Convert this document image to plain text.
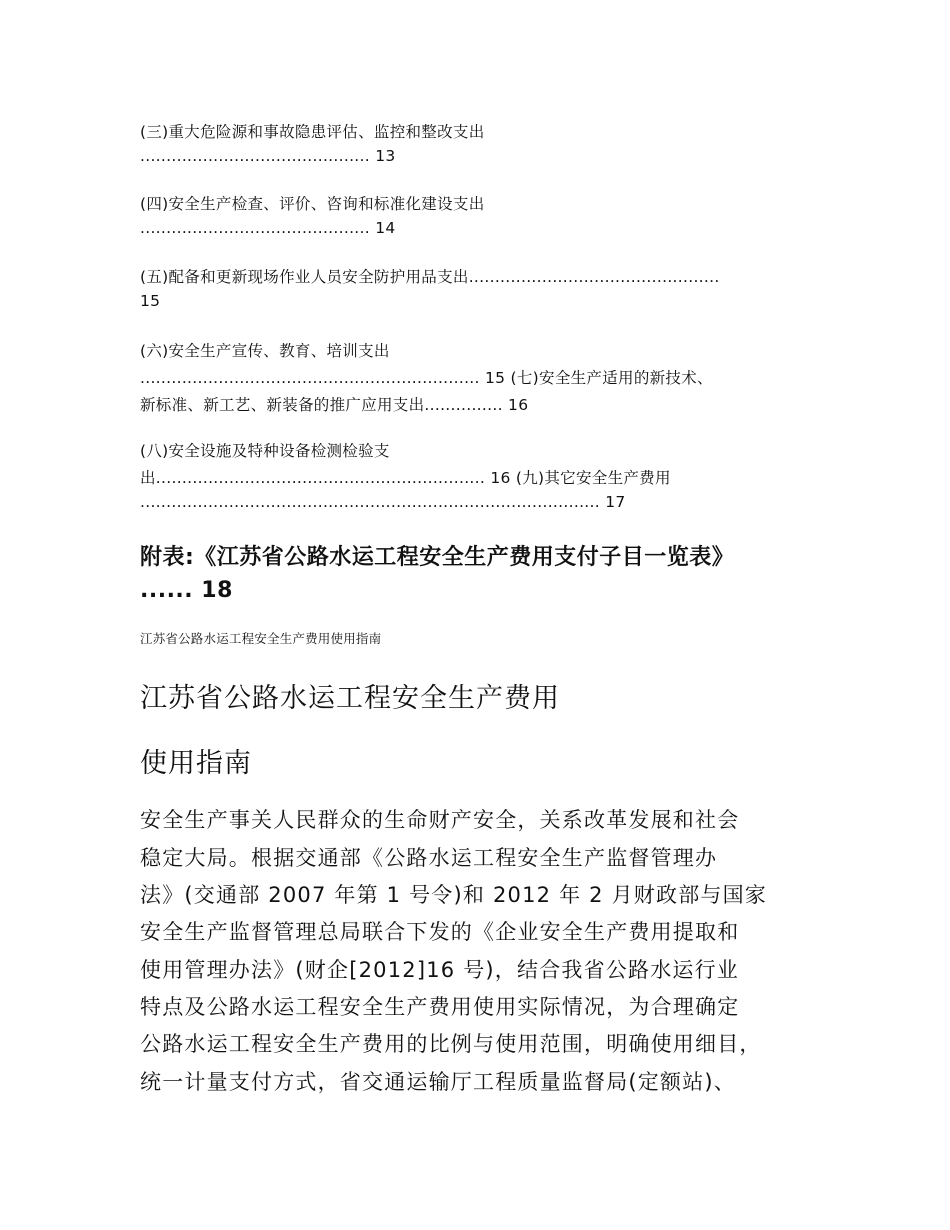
(三)重大危险源和事故隐患评估、监控和整改支出
............................................ 13
(四)安全生产检查、评价、咨询和标准化建设支出
............................................ 14
(五)配备和更新现场作业人员安全防护用品支出................................................
15
(六)安全生产宣传、教育、培训支出
................................................................. 15 (七)安全生产适用的新技术、
新标准、新工艺、新装备的推广应用支出............... 16
(八)安全设施及特种设备检测检验支
出............................................................... 16 (九)其它安全生产费用
........................................................................................ 17
附表:《江苏省公路水运工程安全生产费用支付子目一览表》
...... 18
江苏省公路水运工程安全生产费用使用指南
江苏省公路水运工程安全生产费用
使用指南
安全生产事关人民群众的生命财产安全，关系改革发展和社会
稳定大局。根据交通部《公路水运工程安全生产监督管理办
法》(交通部 2007 年第 1 号令)和 2012 年 2 月财政部与国家
安全生产监督管理总局联合下发的《企业安全生产费用提取和
使用管理办法》(财企[2012]16 号)，结合我省公路水运行业
特点及公路水运工程安全生产费用使用实际情况，为合理确定
公路水运工程安全生产费用的比例与使用范围，明确使用细目，
统一计量支付方式，省交通运输厅工程质量监督局(定额站)、
